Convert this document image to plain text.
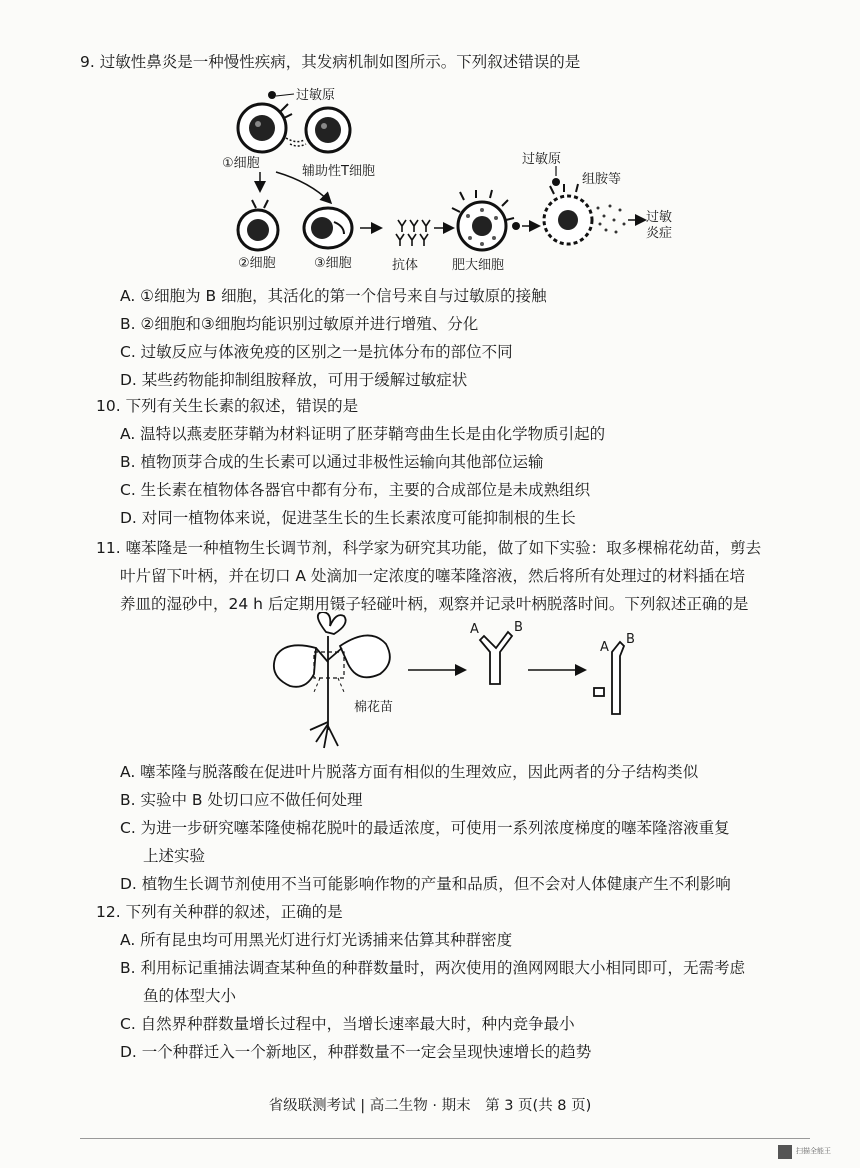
9. 过敏性鼻炎是一种慢性疾病，其发病机制如图所示。下列叙述错误的是
过敏原
①细胞
辅助性T细胞
过敏原
组胺等
②细胞	③细胞	抗体	肥大细胞
过敏炎症
A. ①细胞为 B 细胞，其活化的第一个信号来自与过敏原的接触
B. ②细胞和③细胞均能识别过敏原并进行增殖、分化
C. 过敏反应与体液免疫的区别之一是抗体分布的部位不同
D. 某些药物能抑制组胺释放，可用于缓解过敏症状
10. 下列有关生长素的叙述，错误的是
A. 温特以燕麦胚芽鞘为材料证明了胚芽鞘弯曲生长是由化学物质引起的
B. 植物顶芽合成的生长素可以通过非极性运输向其他部位运输
C. 生长素在植物体各器官中都有分布，主要的合成部位是未成熟组织
D. 对同一植物体来说，促进茎生长的生长素浓度可能抑制根的生长
11. 噻苯隆是一种植物生长调节剂，科学家为研究其功能，做了如下实验：取多棵棉花幼苗，剪去
叶片留下叶柄，并在切口 A 处滴加一定浓度的噻苯隆溶液，然后将所有处理过的材料插在培
养皿的湿砂中，24 h 后定期用镊子轻碰叶柄，观察并记录叶柄脱落时间。下列叙述正确的是
A	B
A
B
棉花苗
A. 噻苯隆与脱落酸在促进叶片脱落方面有相似的生理效应，因此两者的分子结构类似
B. 实验中 B 处切口应不做任何处理
C. 为进一步研究噻苯隆使棉花脱叶的最适浓度，可使用一系列浓度梯度的噻苯隆溶液重复
上述实验
D. 植物生长调节剂使用不当可能影响作物的产量和品质，但不会对人体健康产生不利影响
12. 下列有关种群的叙述，正确的是
A. 所有昆虫均可用黑光灯进行灯光诱捕来估算其种群密度
B. 利用标记重捕法调查某种鱼的种群数量时，两次使用的渔网网眼大小相同即可，无需考虑
鱼的体型大小
C. 自然界种群数量增长过程中，当增长速率最大时，种内竞争最小
D. 一个种群迁入一个新地区，种群数量不一定会呈现快速增长的趋势
省级联测考试 | 高二生物 · 期末　第 3 页(共 8 页)
扫描全能王
